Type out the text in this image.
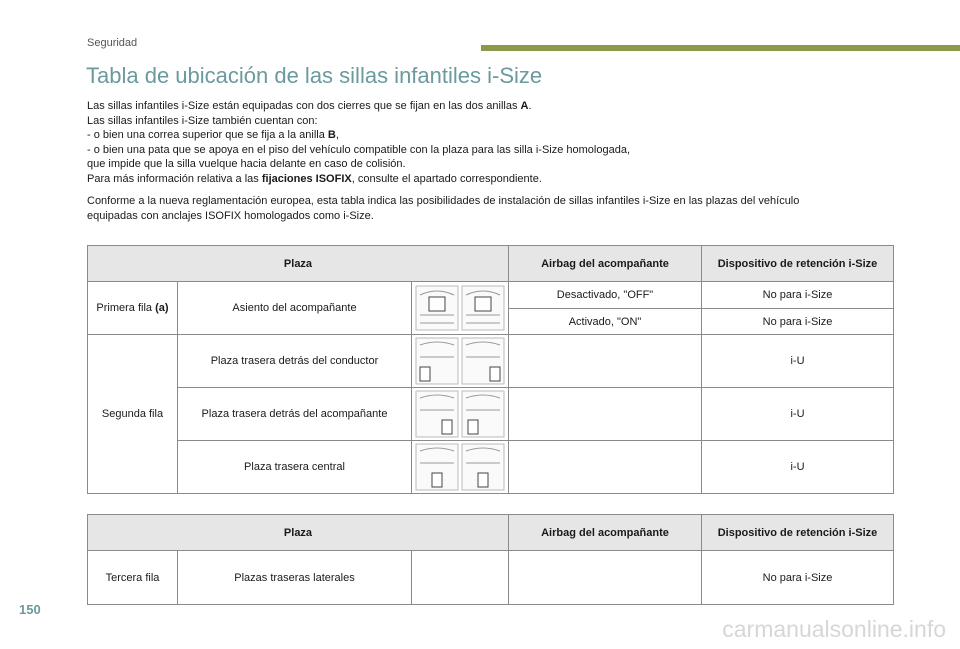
Seguridad
Tabla de ubicación de las sillas infantiles i-Size

Las sillas infantiles i-Size están equipadas con dos cierres que se fijan en las dos anillas A.

Las sillas infantiles i-Size también cuentan con:

- o bien una correa superior que se fija a la anilla B,

- o bien una pata que se apoya en el piso del vehículo compatible con la plaza para las silla i-Size homologada,

que impide que la silla vuelque hacia delante en caso de colisión.

Para más información relativa a las fijaciones ISOFIX, consulte el apartado correspondiente.

Conforme a la nueva reglamentación europea, esta tabla indica las posibilidades de instalación de sillas infantiles i-Size en las plazas del vehículo
equipadas con anclajes ISOFIX homologados como i-Size.

Plaza			Airbag del acompañante	Dispositivo de retención i-Size
Primera fila (a)	Asiento del acompañante		Desactivado, "OFF"	No para i-Size
			Activado, "ON"	No para i-Size
Segunda fila	Plaza trasera detrás del conductor			i-U
	Plaza trasera detrás del acompañante			i-U
	Plaza trasera central			i-U
Plaza			Airbag del acompañante	Dispositivo de retención i-Size
Tercera fila	Plazas traseras laterales			No para i-Size
150
carmanualsonline.info
